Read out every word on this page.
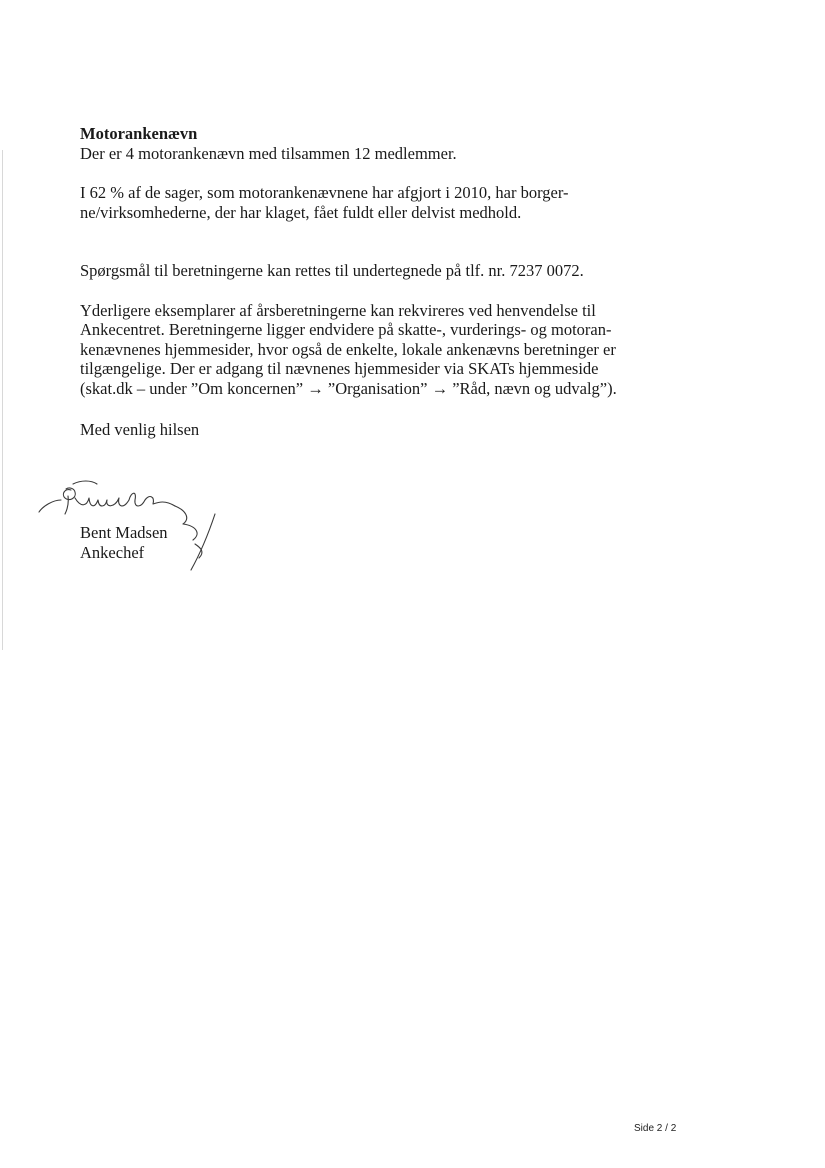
Motorankenævn

Der er 4 motorankenævn med tilsammen 12 medlemmer.

I 62 % af de sager, som motorankenævnene har afgjort i 2010, har borger-
ne/virksomhederne, der har klaget, fået fuldt eller delvist medhold.

Spørgsmål til beretningerne kan rettes til undertegnede på tlf. nr. 7237 0072.

Yderligere eksemplarer af årsberetningerne kan rekvireres ved henvendelse til
Ankecentret. Beretningerne ligger endvidere på skatte-, vurderings- og motoran-
kenævnenes hjemmesider, hvor også de enkelte, lokale ankenævns beretninger er
tilgængelige. Der er adgang til nævnenes hjemmesider via SKATs hjemmeside
(skat.dk – under ”Om koncernen” → ”Organisation” → ”Råd, nævn og udvalg”).

Med venlig hilsen

Bent Madsen
Ankechef
Side 2 / 2
